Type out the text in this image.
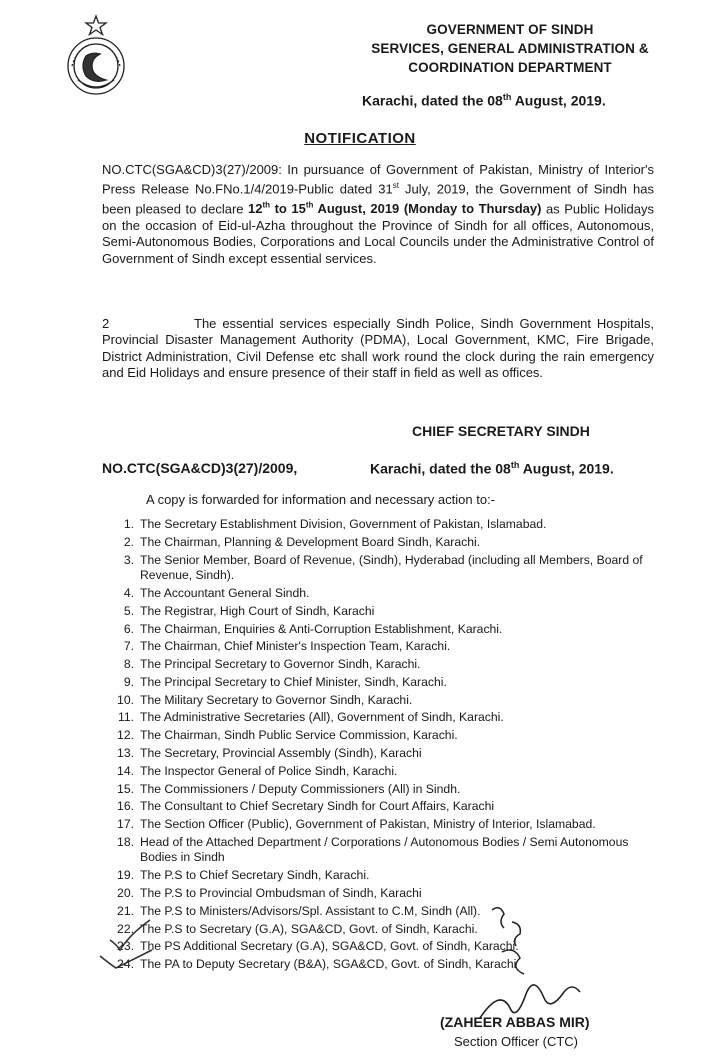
GOVERNMENT OF SINDH
SERVICES, GENERAL ADMINISTRATION &
COORDINATION DEPARTMENT
Karachi, dated the 08th August, 2019.
NOTIFICATION
NO.CTC(SGA&CD)3(27)/2009: In pursuance of Government of Pakistan, Ministry of Interior's Press Release No.FNo.1/4/2019-Public dated 31st July, 2019, the Government of Sindh has been pleased to declare 12th to 15th August, 2019 (Monday to Thursday) as Public Holidays on the occasion of Eid-ul-Azha throughout the Province of Sindh for all offices, Autonomous, Semi-Autonomous Bodies, Corporations and Local Councils under the Administrative Control of Government of Sindh except essential services.
2	The essential services especially Sindh Police, Sindh Government Hospitals, Provincial Disaster Management Authority (PDMA), Local Government, KMC, Fire Brigade, District Administration, Civil Defense etc shall work round the clock during the rain emergency and Eid Holidays and ensure presence of their staff in field as well as offices.
CHIEF SECRETARY SINDH
NO.CTC(SGA&CD)3(27)/2009,	Karachi, dated the 08th August, 2019.
A copy is forwarded for information and necessary action to:-
1. The Secretary Establishment Division, Government of Pakistan, Islamabad.
2. The Chairman, Planning & Development Board Sindh, Karachi.
3. The Senior Member, Board of Revenue, (Sindh), Hyderabad (including all Members, Board of Revenue, Sindh).
4. The Accountant General Sindh.
5. The Registrar, High Court of Sindh, Karachi
6. The Chairman, Enquiries & Anti-Corruption Establishment, Karachi.
7. The Chairman, Chief Minister's Inspection Team, Karachi.
8. The Principal Secretary to Governor Sindh, Karachi.
9. The Principal Secretary to Chief Minister, Sindh, Karachi.
10. The Military Secretary to Governor Sindh, Karachi.
11. The Administrative Secretaries (All), Government of Sindh, Karachi.
12. The Chairman, Sindh Public Service Commission, Karachi.
13. The Secretary, Provincial Assembly (Sindh), Karachi
14. The Inspector General of Police Sindh, Karachi.
15. The Commissioners / Deputy Commissioners (All) in Sindh.
16. The Consultant to Chief Secretary Sindh for Court Affairs, Karachi
17. The Section Officer (Public), Government of Pakistan, Ministry of Interior, Islamabad.
18. Head of the Attached Department / Corporations / Autonomous Bodies / Semi Autonomous Bodies in Sindh
19. The P.S to Chief Secretary Sindh, Karachi.
20. The P.S to Provincial Ombudsman of Sindh, Karachi
21. The P.S to Ministers/Advisors/Spl. Assistant to C.M, Sindh (All).
22. The P.S to Secretary (G.A), SGA&CD, Govt. of Sindh, Karachi.
23. The PS Additional Secretary (G.A), SGA&CD, Govt. of Sindh, Karachi.
24. The PA to Deputy Secretary (B&A), SGA&CD, Govt. of Sindh, Karachi
(ZAHEER ABBAS MIR)
Section Officer (CTC)
